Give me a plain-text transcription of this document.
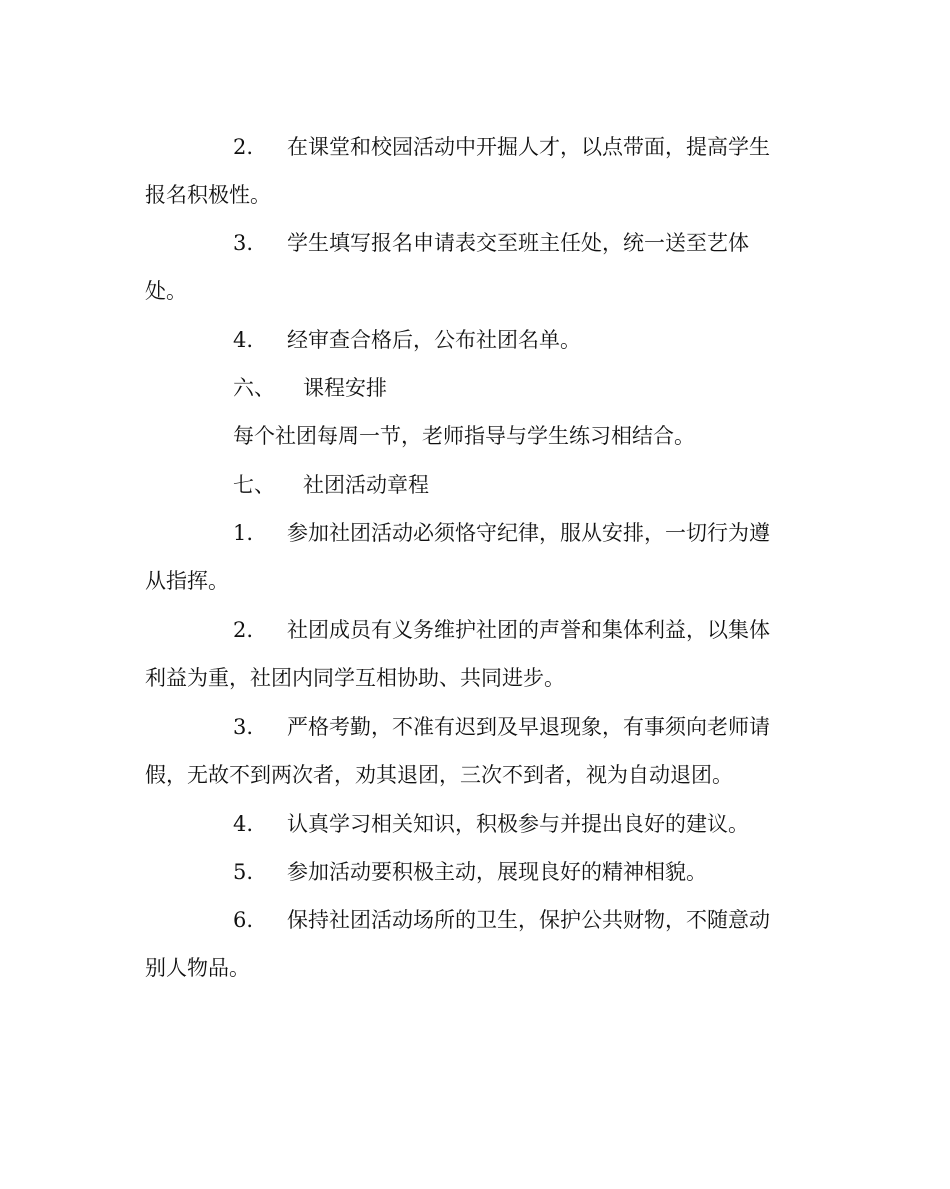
2. 在课堂和校园活动中开掘人才，以点带面，提高学生
报名积极性。
3. 学生填写报名申请表交至班主任处，统一送至艺体
处。
4. 经审查合格后，公布社团名单。
六、 课程安排
每个社团每周一节，老师指导与学生练习相结合。
七、 社团活动章程
1. 参加社团活动必须恪守纪律，服从安排，一切行为遵
从指挥。
2. 社团成员有义务维护社团的声誉和集体利益，以集体
利益为重，社团内同学互相协助、共同进步。
3. 严格考勤，不准有迟到及早退现象，有事须向老师请
假，无故不到两次者，劝其退团，三次不到者，视为自动退团。
4. 认真学习相关知识，积极参与并提出良好的建议。
5. 参加活动要积极主动，展现良好的精神相貌。
6. 保持社团活动场所的卫生，保护公共财物，不随意动
别人物品。
